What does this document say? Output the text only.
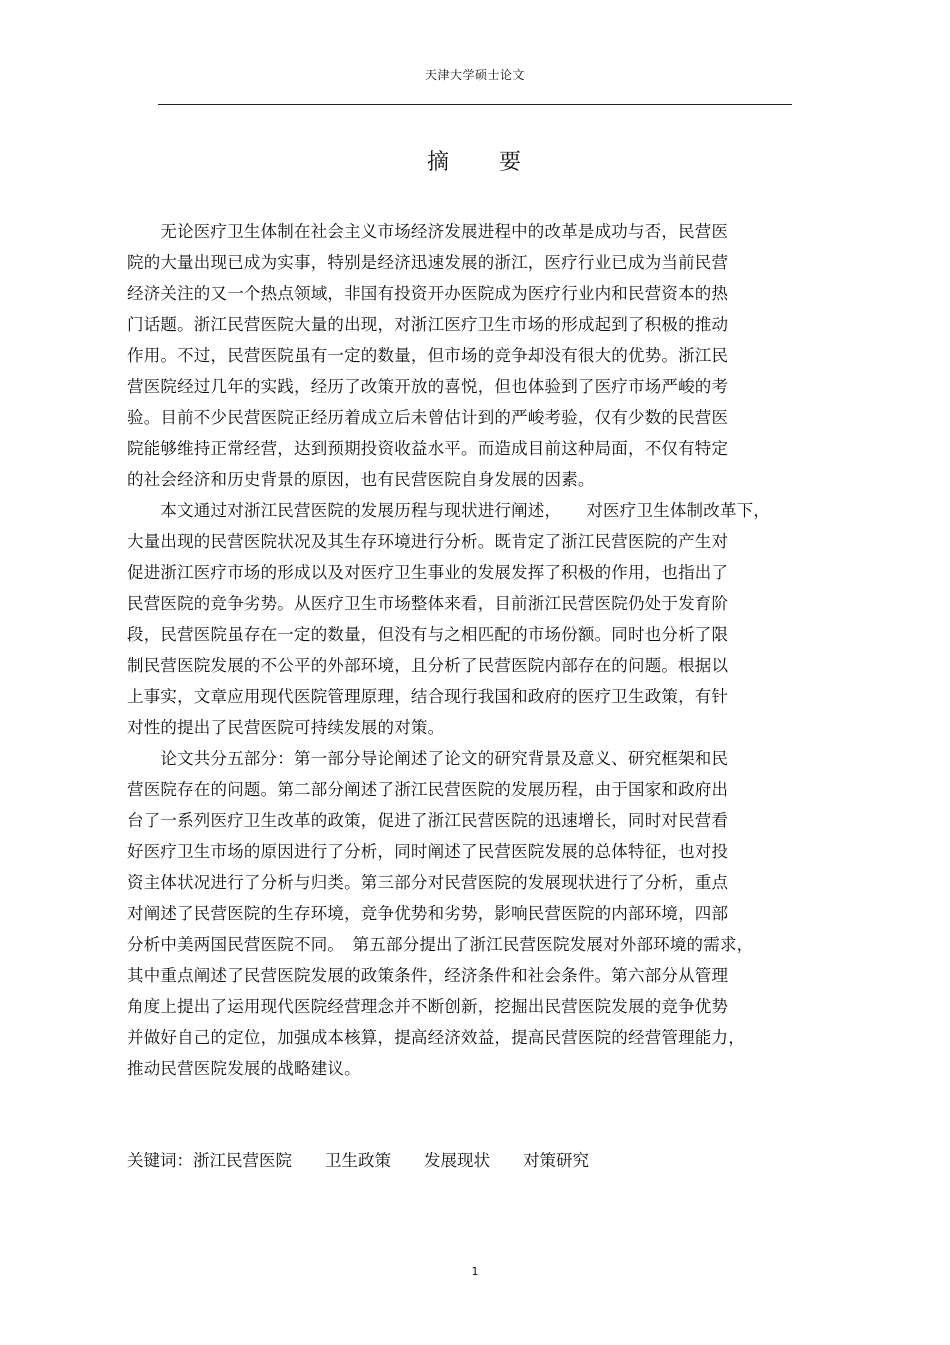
天津大学硕士论文
摘　　要
　　无论医疗卫生体制在社会主义市场经济发展进程中的改革是成功与否，民营医
院的大量出现已成为实事，特别是经济迅速发展的浙江，医疗行业已成为当前民营
经济关注的又一个热点领域，非国有投资开办医院成为医疗行业内和民营资本的热
门话题。浙江民营医院大量的出现，对浙江医疗卫生市场的形成起到了积极的推动
作用。不过，民营医院虽有一定的数量，但市场的竞争却没有很大的优势。浙江民
营医院经过几年的实践，经历了改策开放的喜悦，但也体验到了医疗市场严峻的考
验。目前不少民营医院正经历着成立后未曾估计到的严峻考验，仅有少数的民营医
院能够维持正常经营，达到预期投资收益水平。而造成目前这种局面，不仅有特定
的社会经济和历史背景的原因，也有民营医院自身发展的因素。
　　本文通过对浙江民营医院的发展历程与现状进行阐述，　　对医疗卫生体制改革下，
大量出现的民营医院状况及其生存环境进行分析。既肯定了浙江民营医院的产生对
促进浙江医疗市场的形成以及对医疗卫生事业的发展发挥了积极的作用，也指出了
民营医院的竞争劣势。从医疗卫生市场整体来看，目前浙江民营医院仍处于发育阶
段，民营医院虽存在一定的数量，但没有与之相匹配的市场份额。同时也分析了限
制民营医院发展的不公平的外部环境，且分析了民营医院内部存在的问题。根据以
上事实，文章应用现代医院管理原理，结合现行我国和政府的医疗卫生政策，有针
对性的提出了民营医院可持续发展的对策。
　　论文共分五部分：第一部分导论阐述了论文的研究背景及意义、研究框架和民
营医院存在的问题。第二部分阐述了浙江民营医院的发展历程，由于国家和政府出
台了一系列医疗卫生改革的政策，促进了浙江民营医院的迅速增长，同时对民营看
好医疗卫生市场的原因进行了分析，同时阐述了民营医院发展的总体特征，也对投
资主体状况进行了分析与归类。第三部分对民营医院的发展现状进行了分析，重点
对阐述了民营医院的生存环境，竞争优势和劣势，影响民营医院的内部环境，四部
分析中美两国民营医院不同。　第五部分提出了浙江民营医院发展对外部环境的需求，
其中重点阐述了民营医院发展的政策条件，经济条件和社会条件。第六部分从管理
角度上提出了运用现代医院经营理念并不断创新，挖掘出民营医院发展的竞争优势
并做好自己的定位，加强成本核算，提高经济效益，提高民营医院的经营管理能力，
推动民营医院发展的战略建议。
关键词：浙江民营医院　　卫生政策　　发展现状　　对策研究
1
